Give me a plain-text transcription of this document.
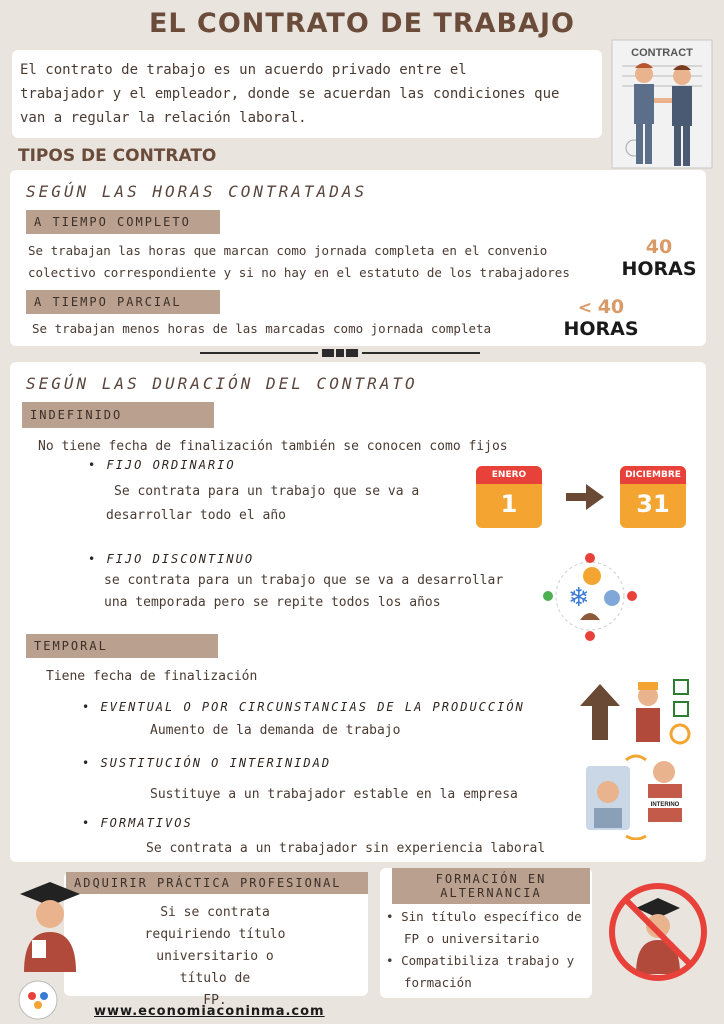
EL CONTRATO DE TRABAJO
El contrato de trabajo es un acuerdo privado entre el
trabajador y el empleador, donde se acuerdan las condiciones que
van a regular la relación laboral.
CONTRACT
TIPOS DE CONTRATO
SEGÚN LAS HORAS CONTRATADAS
A TIEMPO COMPLETO
Se trabajan las horas que marcan como jornada completa en el convenio
colectivo correspondiente y si no hay en el estatuto de los trabajadores
40
HORAS
A TIEMPO PARCIAL
Se trabajan menos horas de las marcadas como jornada completa
< 40
HORAS
SEGÚN LAS DURACIÓN DEL CONTRATO
INDEFINIDO
No tiene fecha de finalización también se conocen como fijos
• FIJO ORDINARIO
Se contrata para un trabajo que se va a
desarrollar todo el año
ENERO
1
DICIEMBRE
31
• FIJO DISCONTINUO
se contrata para un trabajo que se va a desarrollar
una temporada pero se repite todos los años	❄
TEMPORAL
Tiene fecha de finalización
• EVENTUAL O POR CIRCUNSTANCIAS DE LA PRODUCCIÓN
Aumento de la demanda de trabajo
• SUSTITUCIÓN O INTERINIDAD
Sustituye a un trabajador estable en la empresa
INTERINO
• FORMATIVOS
Se contrata a un trabajador sin experiencia laboral
ADQUIRIR PRÁCTICA PROFESIONAL
Si se contrata
requiriendo título
universitario o título de
FP.
FORMACIÓN EN
ALTERNANCIA
• Sin título específico de
FP o universitario
• Compatibiliza trabajo y
formación
www.economiaconinma.com
